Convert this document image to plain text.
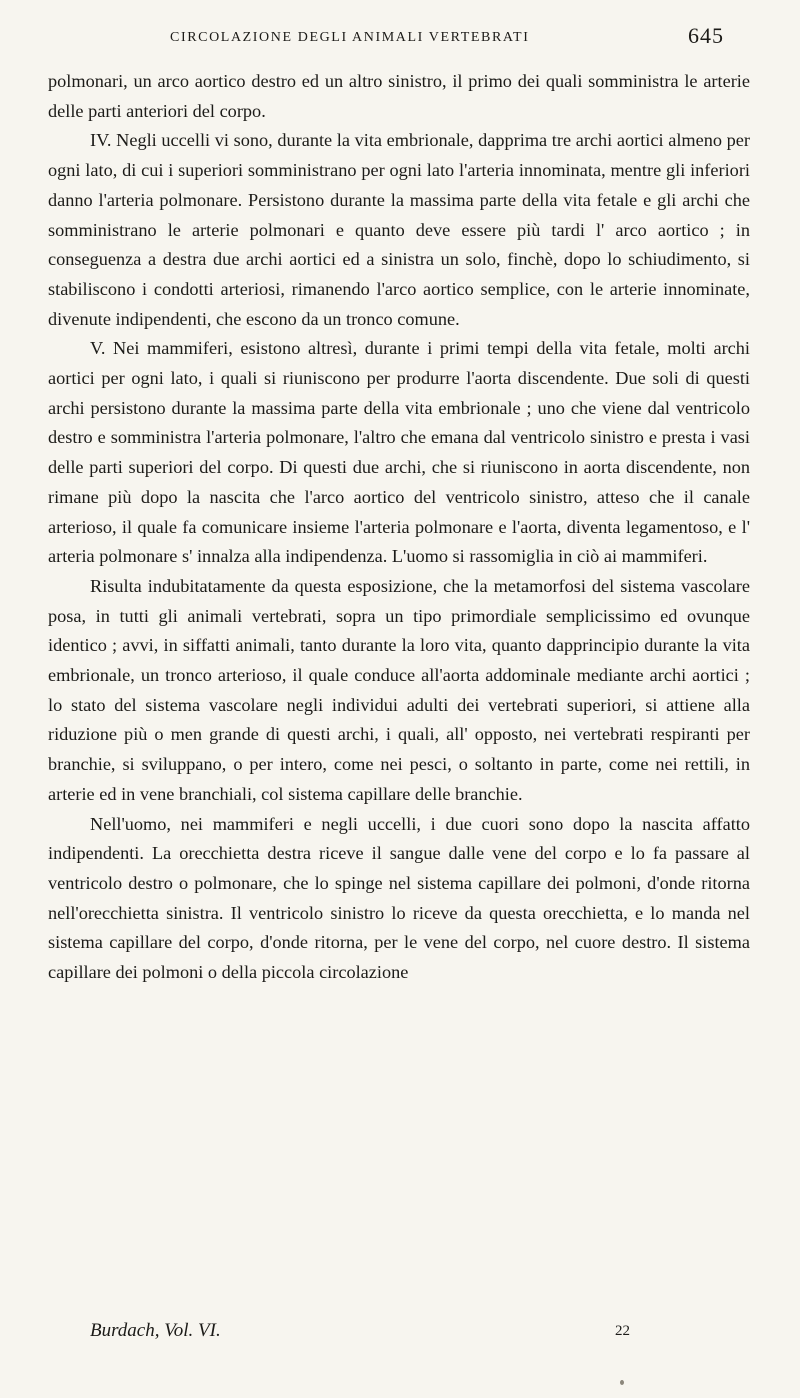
CIRCOLAZIONE DEGLI ANIMALI VERTEBRATI	645

polmonari, un arco aortico destro ed un altro sinistro, il primo dei quali somministra le arterie delle parti anteriori del corpo.

IV. Negli uccelli vi sono, durante la vita embrionale, dapprima tre archi aortici almeno per ogni lato, di cui i superiori somministrano per ogni lato l'arteria innominata, mentre gli inferiori danno l'arteria polmonare. Persistono durante la massima parte della vita fetale e gli archi che somministrano le arterie polmonari e quanto deve essere più tardi l' arco aortico ; in conseguenza a destra due archi aortici ed a sinistra un solo, finchè, dopo lo schiudimento, si stabiliscono i condotti arteriosi, rimanendo l'arco aortico semplice, con le arterie innominate, divenute indipendenti, che escono da un tronco comune.

V. Nei mammiferi, esistono altresì, durante i primi tempi della vita fetale, molti archi aortici per ogni lato, i quali si riuniscono per produrre l'aorta discendente. Due soli di questi archi persistono durante la massima parte della vita embrionale ; uno che viene dal ventricolo destro e somministra l'arteria polmonare, l'altro che emana dal ventricolo sinistro e presta i vasi delle parti superiori del corpo. Di questi due archi, che si riuniscono in aorta discendente, non rimane più dopo la nascita che l'arco aortico del ventricolo sinistro, atteso che il canale arterioso, il quale fa comunicare insieme l'arteria polmonare e l'aorta, diventa legamentoso, e l' arteria polmonare s' innalza alla indipendenza. L'uomo si rassomiglia in ciò ai mammiferi.

Risulta indubitatamente da questa esposizione, che la metamorfosi del sistema vascolare posa, in tutti gli animali vertebrati, sopra un tipo primordiale semplicissimo ed ovunque identico ; avvi, in siffatti animali, tanto durante la loro vita, quanto dapprincipio durante la vita embrionale, un tronco arterioso, il quale conduce all'aorta addominale mediante archi aortici ; lo stato del sistema vascolare negli individui adulti dei vertebrati superiori, si attiene alla riduzione più o men grande di questi archi, i quali, all' opposto, nei vertebrati respiranti per branchie, si sviluppano, o per intero, come nei pesci, o soltanto in parte, come nei rettili, in arterie ed in vene branchiali, col sistema capillare delle branchie.

Nell'uomo, nei mammiferi e negli uccelli, i due cuori sono dopo la nascita affatto indipendenti. La orecchietta destra riceve il sangue dalle vene del corpo e lo fa passare al ventricolo destro o polmonare, che lo spinge nel sistema capillare dei polmoni, d'onde ritorna nell'orecchietta sinistra. Il ventricolo sinistro lo riceve da questa orecchietta, e lo manda nel sistema capillare del corpo, d'onde ritorna, per le vene del corpo, nel cuore destro. Il sistema capillare dei polmoni o della piccola circolazione

Burdach, Vol. VI.	22
